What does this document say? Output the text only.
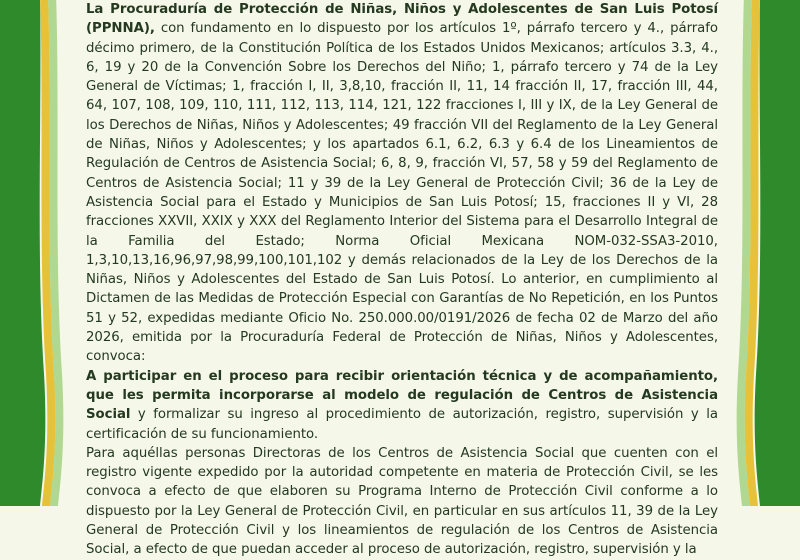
La Procuraduría de Protección de Niñas, Niños y Adolescentes de San Luis Potosí (PPNNA), con fundamento en lo dispuesto por los artículos 1º, párrafo tercero y 4., párrafo décimo primero, de la Constitución Política de los Estados Unidos Mexicanos; artículos 3.3, 4., 6, 19 y 20 de la Convención Sobre los Derechos del Niño; 1, párrafo tercero y 74 de la Ley General de Víctimas; 1, fracción I, II, 3,8,10, fracción II, 11, 14 fracción II, 17, fracción III, 44, 64, 107, 108, 109, 110, 111, 112, 113, 114, 121, 122 fracciones I, III y IX, de la Ley General de los Derechos de Niñas, Niños y Adolescentes; 49 fracción VII del Reglamento de la Ley General de Niñas, Niños y Adolescentes; y los apartados 6.1, 6.2, 6.3 y 6.4 de los Lineamientos de Regulación de Centros de Asistencia Social; 6, 8, 9, fracción VI, 57, 58 y 59 del Reglamento de Centros de Asistencia Social; 11 y 39 de la Ley General de Protección Civil; 36 de la Ley de Asistencia Social para el Estado y Municipios de San Luis Potosí; 15, fracciones II y VI, 28 fracciones XXVII, XXIX y XXX del Reglamento Interior del Sistema para el Desarrollo Integral de la Familia del Estado; Norma Oficial Mexicana NOM-032-SSA3-2010, 1,3,10,13,16,96,97,98,99,100,101,102 y demás relacionados de la Ley de los Derechos de la Niñas, Niños y Adolescentes del Estado de San Luis Potosí. Lo anterior, en cumplimiento al Dictamen de las Medidas de Protección Especial con Garantías de No Repetición, en los Puntos 51 y 52, expedidas mediante Oficio No. 250.000.00/0191/2026 de fecha 02 de Marzo del año 2026, emitida por la Procuraduría Federal de Protección de Niñas, Niños y Adolescentes, convoca:

A participar en el proceso para recibir orientación técnica y de acompañamiento, que les permita incorporarse al modelo de regulación de Centros de Asistencia Social y formalizar su ingreso al procedimiento de autorización, registro, supervisión y la certificación de su funcionamiento.

Para aquéllas personas Directoras de los Centros de Asistencia Social que cuenten con el registro vigente expedido por la autoridad competente en materia de Protección Civil, se les convoca a efecto de que elaboren su Programa Interno de Protección Civil conforme a lo dispuesto por la Ley General de Protección Civil, en particular en sus artículos 11, 39 de la Ley General de Protección Civil y los lineamientos de regulación de los Centros de Asistencia Social, a efecto de que puedan acceder al proceso de autorización, registro, supervisión y la
